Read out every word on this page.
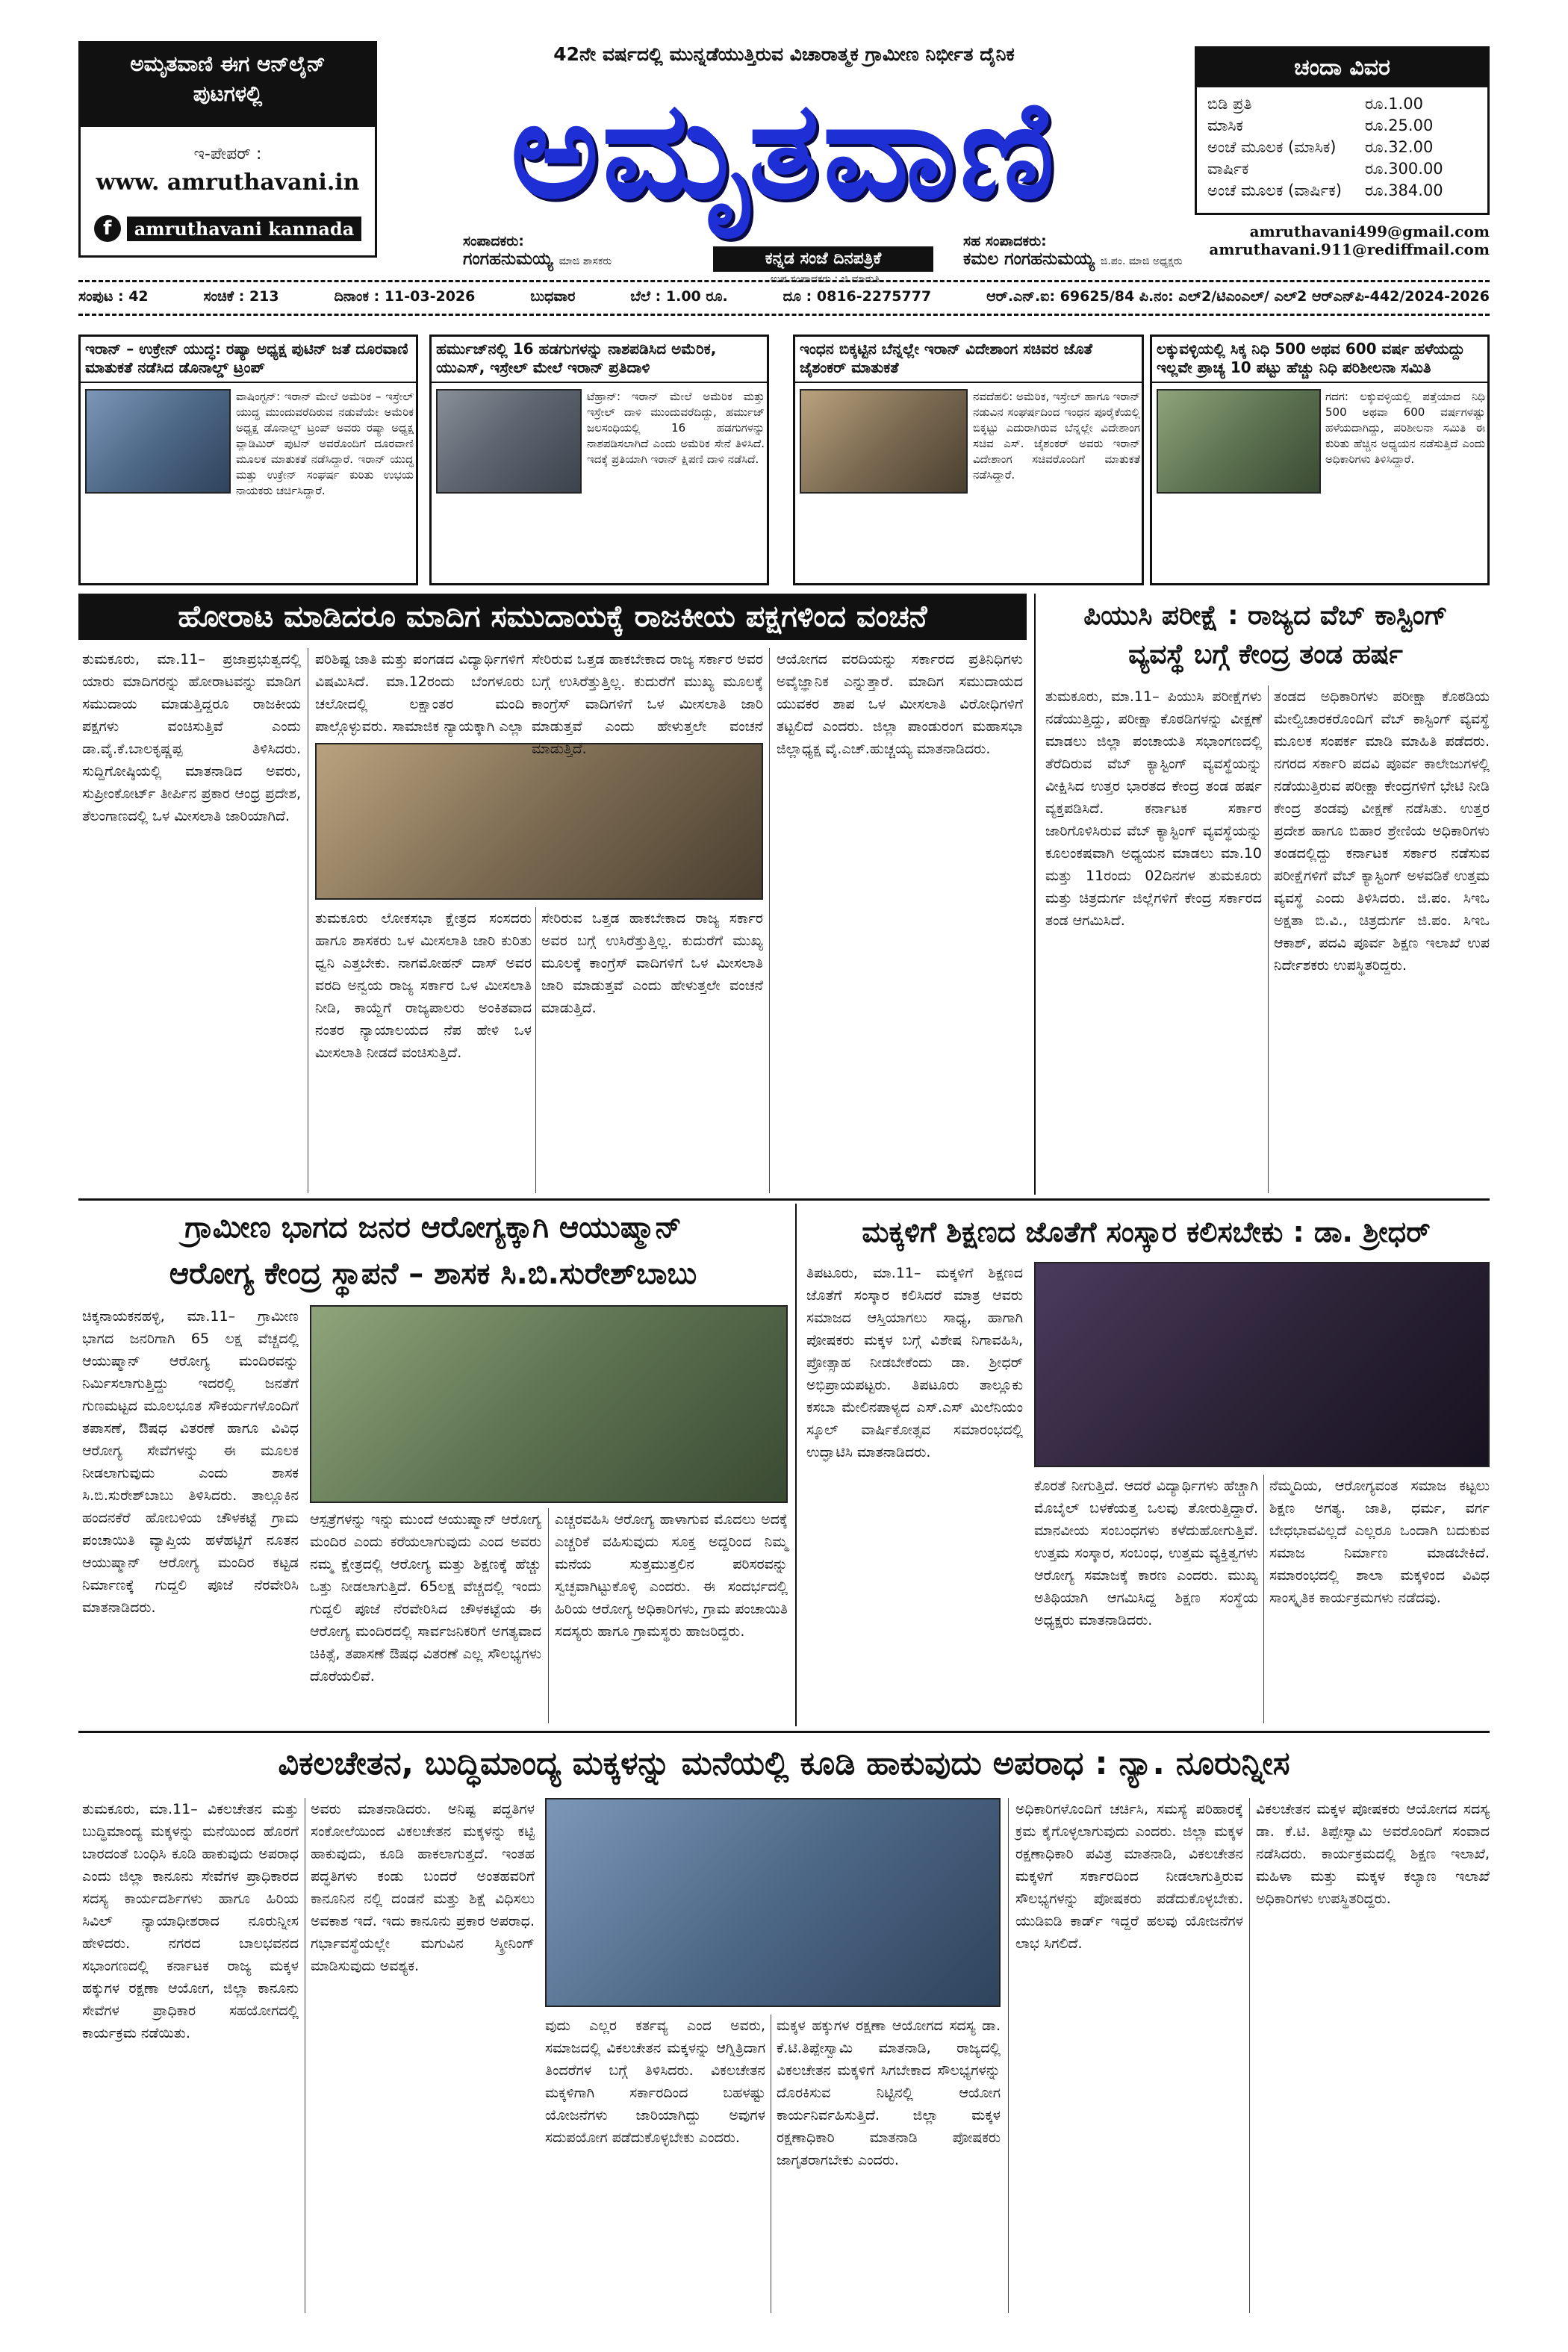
ಅಮೃತವಾಣಿ ಈಗ ಆನ್‌ಲೈನ್ ಪುಟಗಳಲ್ಲಿ
ಇ-ಪೇಪರ್ :
www. amruthavani.in
f	amruthavani kannada
42ನೇ ವರ್ಷದಲ್ಲಿ ಮುನ್ನಡೆಯುತ್ತಿರುವ ವಿಚಾರಾತ್ಮಕ ಗ್ರಾಮೀಣ ನಿರ್ಭೀತ ದೈನಿಕ
ಅಮೃತವಾಣಿ
ಸಂಪಾದಕರು:
ಗಂಗಹನುಮಯ್ಯ ಮಾಜಿ ಶಾಸಕರು	ಕನ್ನಡ ಸಂಜೆ ದಿನಪತ್ರಿಕೆ
ಉಪ ಸಂಪಾದಕರು : ಜಿ.ಮಾರುತಿ
ಸಹ ಸಂಪಾದಕರು:
ಕಮಲ ಗಂಗಹನುಮಯ್ಯ ಜಿ.ಪಂ. ಮಾಜಿ ಅಧ್ಯಕ್ಷರು
ಚಂದಾ ವಿವರ
ಬಿಡಿ ಪ್ರತಿ	ರೂ. 1.00
ಮಾಸಿಕ	ರೂ. 25.00
ಅಂಚೆ ಮೂಲಕ (ಮಾಸಿಕ) ರೂ. 32.00
ವಾರ್ಷಿಕ	ರೂ. 300.00
ಅಂಚೆ ಮೂಲಕ (ವಾರ್ಷಿಕ) ರೂ. 384.00
amruthavani499@gmail.com
amruthavani.911@rediffmail.com
ಸಂಪುಟ : 42	ಸಂಚಿಕೆ : 213	ದಿನಾಂಕ : 11-03-2026	ಬುಧವಾರ	ಬೆಲೆ : 1.00 ರೂ.	ದೂ : 0816-2275777	ಆರ್.ಎನ್.ಐ: 69625/84 ಪಿ.ನಂ: ಎಲ್2/ಟಿಎಂಎಲ್/ ಎಲ್2 ಆರ್‌ಎನ್‌ಪಿ-442/2024-2026
ಇರಾನ್ – ಉಕ್ರೇನ್ ಯುದ್ಧ: ರಷ್ಯಾ ಅಧ್ಯಕ್ಷ ಪುಟಿನ್ ಜತೆ ದೂರವಾಣಿ ಮಾತುಕತೆ ನಡೆಸಿದ ಡೊನಾಲ್ಡ್ ಟ್ರಂಪ್
ವಾಷಿಂಗ್ಟನ್: ಇರಾನ್ ಮೇಲೆ ಅಮೆರಿಕ – ಇಸ್ರೇಲ್ ಯುದ್ಧ ಮುಂದುವರೆದಿರುವ ನಡುವೆಯೇ ಅಮೆರಿಕ ಅಧ್ಯಕ್ಷ ಡೊನಾಲ್ಡ್ ಟ್ರಂಪ್ ಅವರು ರಷ್ಯಾ ಅಧ್ಯಕ್ಷ ವ್ಲಾಡಿಮಿರ್ ಪುಟಿನ್ ಅವರೊಂದಿಗೆ ದೂರವಾಣಿ ಮೂಲಕ ಮಾತುಕತೆ ನಡೆಸಿದ್ದಾರೆ. ಇರಾನ್ ಯುದ್ಧ ಮತ್ತು ಉಕ್ರೇನ್ ಸಂಘರ್ಷ ಕುರಿತು ಉಭಯ ನಾಯಕರು ಚರ್ಚಿಸಿದ್ದಾರೆ.
ಹರ್ಮುಜ್‌ನಲ್ಲಿ 16 ಹಡಗುಗಳನ್ನು ನಾಶಪಡಿಸಿದ ಅಮೆರಿಕ, ಯುಎಸ್, ಇಸ್ರೇಲ್ ಮೇಲೆ ಇರಾನ್ ಪ್ರತಿದಾಳಿ
ಟೆಹ್ರಾನ್: ಇರಾನ್ ಮೇಲೆ ಅಮೆರಿಕ ಮತ್ತು ಇಸ್ರೇಲ್ ದಾಳಿ ಮುಂದುವರೆದಿದ್ದು, ಹರ್ಮುಜ್ ಜಲಸಂಧಿಯಲ್ಲಿ 16 ಹಡಗುಗಳನ್ನು ನಾಶಪಡಿಸಲಾಗಿದೆ ಎಂದು ಅಮೆರಿಕ ಸೇನೆ ತಿಳಿಸಿದೆ. ಇದಕ್ಕೆ ಪ್ರತಿಯಾಗಿ ಇರಾನ್ ಕ್ಷಿಪಣಿ ದಾಳಿ ನಡೆಸಿದೆ.
ಇಂಧನ ಬಿಕ್ಕಟ್ಟಿನ ಬೆನ್ನಲ್ಲೇ ಇರಾನ್ ವಿದೇಶಾಂಗ ಸಚಿವರ ಜೊತೆ ಜೈಶಂಕರ್ ಮಾತುಕತೆ
ನವದೆಹಲಿ: ಅಮೆರಿಕ, ಇಸ್ರೇಲ್ ಹಾಗೂ ಇರಾನ್ ನಡುವಿನ ಸಂಘರ್ಷದಿಂದ ಇಂಧನ ಪೂರೈಕೆಯಲ್ಲಿ ಬಿಕ್ಕಟ್ಟು ಎದುರಾಗಿರುವ ಬೆನ್ನಲ್ಲೇ ವಿದೇಶಾಂಗ ಸಚಿವ ಎಸ್. ಜೈಶಂಕರ್ ಅವರು ಇರಾನ್ ವಿದೇಶಾಂಗ ಸಚಿವರೊಂದಿಗೆ ಮಾತುಕತೆ ನಡೆಸಿದ್ದಾರೆ.
ಲಕ್ಕುವಳ್ಳಿಯಲ್ಲಿ ಸಿಕ್ಕ ನಿಧಿ 500 ಅಥವ 600 ವರ್ಷ ಹಳೆಯದ್ದು ಇಲ್ಲವೇ ಪ್ರಾಚ್ಯ 10 ಪಟ್ಟು ಹೆಚ್ಚು ನಿಧಿ ಪರಿಶೀಲನಾ ಸಮಿತಿ
ಗದಗ: ಲಕ್ಕುವಳ್ಳಿಯಲ್ಲಿ ಪತ್ತೆಯಾದ ನಿಧಿ 500 ಅಥವಾ 600 ವರ್ಷಗಳಷ್ಟು ಹಳೆಯದಾಗಿದ್ದು, ಪರಿಶೀಲನಾ ಸಮಿತಿ ಈ ಕುರಿತು ಹೆಚ್ಚಿನ ಅಧ್ಯಯನ ನಡೆಸುತ್ತಿದೆ ಎಂದು ಅಧಿಕಾರಿಗಳು ತಿಳಿಸಿದ್ದಾರೆ.
ಹೋರಾಟ ಮಾಡಿದರೂ ಮಾದಿಗ ಸಮುದಾಯಕ್ಕೆ ರಾಜಕೀಯ ಪಕ್ಷಗಳಿಂದ ವಂಚನೆ
ತುಮಕೂರು, ಮಾ.11– ಪ್ರಜಾಪ್ರಭುತ್ವದಲ್ಲಿ ಯಾರು ಮಾದಿಗರನ್ನು ಹೋರಾಟವನ್ನು ಮಾಡಿಗ ಸಮುದಾಯ ಮಾಡುತ್ತಿದ್ದರೂ ರಾಜಕೀಯ ಪಕ್ಷಗಳು ವಂಚಿಸುತ್ತಿವೆ ಎಂದು ಡಾ.ವೈ.ಕೆ.ಬಾಲಕೃಷ್ಣಪ್ಪ ತಿಳಿಸಿದರು. ಸುದ್ದಿಗೋಷ್ಠಿಯಲ್ಲಿ ಮಾತನಾಡಿದ ಅವರು, ಸುಪ್ರೀಂಕೋರ್ಟ್ ತೀರ್ಪಿನ ಪ್ರಕಾರ ಆಂಧ್ರ ಪ್ರದೇಶ, ತೆಲಂಗಾಣದಲ್ಲಿ ಒಳ ಮೀಸಲಾತಿ ಜಾರಿಯಾಗಿದೆ.
ಪರಿಶಿಷ್ಟ ಜಾತಿ ಮತ್ತು ಪಂಗಡದ ವಿದ್ಯಾರ್ಥಿಗಳಿಗೆ ವಿಷಮಿಸಿದೆ. ಮಾ.12ರಂದು ಬೆಂಗಳೂರು ಚಲೋದಲ್ಲಿ ಲಕ್ಷಾಂತರ ಮಂದಿ ಪಾಲ್ಗೊಳ್ಳುವರು. ಸಾಮಾಜಿಕ ನ್ಯಾಯಕ್ಕಾಗಿ ಎಲ್ಲಾ
ಸೇರಿರುವ ಒತ್ತಡ ಹಾಕಬೇಕಾದ ರಾಜ್ಯ ಸರ್ಕಾರ ಅವರ ಬಗ್ಗೆ ಉಸಿರೆತ್ತುತ್ತಿಲ್ಲ. ಕುದುರೆಗೆ ಮುಖ್ಯ ಮೂಲಕ್ಕೆ ಕಾಂಗ್ರೆಸ್ ವಾದಿಗಳಿಗೆ ಒಳ ಮೀಸಲಾತಿ ಜಾರಿ ಮಾಡುತ್ತವೆ ಎಂದು ಹೇಳುತ್ತಲೇ ವಂಚನೆ ಮಾಡುತ್ತಿದೆ.
ತುಮಕೂರು ಲೋಕಸಭಾ ಕ್ಷೇತ್ರದ ಸಂಸದರು ಹಾಗೂ ಶಾಸಕರು ಒಳ ಮೀಸಲಾತಿ ಜಾರಿ ಕುರಿತು ಧ್ವನಿ ಎತ್ತಬೇಕು. ನಾಗಮೋಹನ್ ದಾಸ್ ಅವರ ವರದಿ ಅನ್ವಯ ರಾಜ್ಯ ಸರ್ಕಾರ ಒಳ ಮೀಸಲಾತಿ ನೀಡಿ, ಕಾಯ್ದೆಗೆ ರಾಜ್ಯಪಾಲರು ಅಂಕಿತವಾದ ನಂತರ ನ್ಯಾಯಾಲಯದ ನೆಪ ಹೇಳಿ ಒಳ ಮೀಸಲಾತಿ ನೀಡದೆ ವಂಚಿಸುತ್ತಿದೆ.
ಸೇರಿರುವ ಒತ್ತಡ ಹಾಕಬೇಕಾದ ರಾಜ್ಯ ಸರ್ಕಾರ ಅವರ ಬಗ್ಗೆ ಉಸಿರೆತ್ತುತ್ತಿಲ್ಲ. ಕುದುರೆಗೆ ಮುಖ್ಯ ಮೂಲಕ್ಕೆ ಕಾಂಗ್ರೆಸ್ ವಾದಿಗಳಿಗೆ ಒಳ ಮೀಸಲಾತಿ ಜಾರಿ ಮಾಡುತ್ತವೆ ಎಂದು ಹೇಳುತ್ತಲೇ ವಂಚನೆ ಮಾಡುತ್ತಿದೆ.
ಆಯೋಗದ ವರದಿಯನ್ನು ಸರ್ಕಾರದ ಪ್ರತಿನಿಧಿಗಳು ಅವೈಜ್ಞಾನಿಕ ಎನ್ನುತ್ತಾರೆ. ಮಾದಿಗ ಸಮುದಾಯದ ಯುವಕರ ಶಾಪ ಒಳ ಮೀಸಲಾತಿ ವಿರೋಧಿಗಳಿಗೆ ತಟ್ಟಲಿದೆ ಎಂದರು. ಜಿಲ್ಲಾ ಪಾಂಡುರಂಗ ಮಹಾಸಭಾ ಜಿಲ್ಲಾಧ್ಯಕ್ಷ ವೈ.ಎಚ್.ಹುಚ್ಚಯ್ಯ ಮಾತನಾಡಿದರು.
ಪಿಯುಸಿ ಪರೀಕ್ಷೆ : ರಾಜ್ಯದ ವೆಬ್ ಕಾಸ್ಟಿಂಗ್
ವ್ಯವಸ್ಥೆ ಬಗ್ಗೆ ಕೇಂದ್ರ ತಂಡ ಹರ್ಷ
ತುಮಕೂರು, ಮಾ.11– ಪಿಯುಸಿ ಪರೀಕ್ಷೆಗಳು ನಡೆಯುತ್ತಿದ್ದು, ಪರೀಕ್ಷಾ ಕೊಠಡಿಗಳನ್ನು ವೀಕ್ಷಣೆ ಮಾಡಲು ಜಿಲ್ಲಾ ಪಂಚಾಯತಿ ಸಭಾಂಗಣದಲ್ಲಿ ತೆರೆದಿರುವ ವೆಬ್ ಕ್ಯಾಸ್ಟಿಂಗ್ ವ್ಯವಸ್ಥೆಯನ್ನು ವೀಕ್ಷಿಸಿದ ಉತ್ತರ ಭಾರತದ ಕೇಂದ್ರ ತಂಡ ಹರ್ಷ ವ್ಯಕ್ತಪಡಿಸಿದೆ. ಕರ್ನಾಟಕ ಸರ್ಕಾರ ಜಾರಿಗೊಳಿಸಿರುವ ವೆಬ್ ಕ್ಯಾಸ್ಟಿಂಗ್ ವ್ಯವಸ್ಥೆಯನ್ನು ಕೂಲಂಕಷವಾಗಿ ಅಧ್ಯಯನ ಮಾಡಲು ಮಾ.10 ಮತ್ತು 11ರಂದು 02ದಿನಗಳ ತುಮಕೂರು ಮತ್ತು ಚಿತ್ರದುರ್ಗ ಜಿಲ್ಲೆಗಳಿಗೆ ಕೇಂದ್ರ ಸರ್ಕಾರದ ತಂಡ ಆಗಮಿಸಿದೆ.
ತಂಡದ ಅಧಿಕಾರಿಗಳು ಪರೀಕ್ಷಾ ಕೊಠಡಿಯ ಮೇಲ್ವಿಚಾರಕರೊಂದಿಗೆ ವೆಬ್ ಕಾಸ್ಟಿಂಗ್ ವ್ಯವಸ್ಥೆ ಮೂಲಕ ಸಂಪರ್ಕ ಮಾಡಿ ಮಾಹಿತಿ ಪಡೆದರು. ನಗರದ ಸರ್ಕಾರಿ ಪದವಿ ಪೂರ್ವ ಕಾಲೇಜುಗಳಲ್ಲಿ ನಡೆಯುತ್ತಿರುವ ಪರೀಕ್ಷಾ ಕೇಂದ್ರಗಳಿಗೆ ಭೇಟಿ ನೀಡಿ ಕೇಂದ್ರ ತಂಡವು ವೀಕ್ಷಣೆ ನಡೆಸಿತು. ಉತ್ತರ ಪ್ರದೇಶ ಹಾಗೂ ಬಿಹಾರ ಶ್ರೇಣಿಯ ಅಧಿಕಾರಿಗಳು ತಂಡದಲ್ಲಿದ್ದು ಕರ್ನಾಟಕ ಸರ್ಕಾರ ನಡೆಸುವ ಪರೀಕ್ಷೆಗಳಿಗೆ ವೆಬ್ ಕ್ಯಾಸ್ಟಿಂಗ್ ಅಳವಡಿಕೆ ಉತ್ತಮ ವ್ಯವಸ್ಥೆ ಎಂದು ತಿಳಿಸಿದರು. ಜಿ.ಪಂ. ಸಿಇಒ ಅಕ್ಷತಾ ಬಿ.ವಿ., ಚಿತ್ರದುರ್ಗ ಜಿ.ಪಂ. ಸಿಇಒ ಆಕಾಶ್, ಪದವಿ ಪೂರ್ವ ಶಿಕ್ಷಣ ಇಲಾಖೆ ಉಪ ನಿರ್ದೇಶಕರು ಉಪಸ್ಥಿತರಿದ್ದರು.
ಗ್ರಾಮೀಣ ಭಾಗದ ಜನರ ಆರೋಗ್ಯಕ್ಕಾಗಿ ಆಯುಷ್ಮಾನ್
ಆರೋಗ್ಯ ಕೇಂದ್ರ ಸ್ಥಾಪನೆ – ಶಾಸಕ ಸಿ.ಬಿ.ಸುರೇಶ್‌ಬಾಬು
ಚಿಕ್ಕನಾಯಕನಹಳ್ಳಿ, ಮಾ.11– ಗ್ರಾಮೀಣ ಭಾಗದ ಜನರಿಗಾಗಿ 65 ಲಕ್ಷ ವೆಚ್ಚದಲ್ಲಿ ಆಯುಷ್ಮಾನ್ ಆರೋಗ್ಯ ಮಂದಿರವನ್ನು ನಿರ್ಮಿಸಲಾಗುತ್ತಿದ್ದು ಇದರಲ್ಲಿ ಜನತೆಗೆ ಗುಣಮಟ್ಟದ ಮೂಲಭೂತ ಸೌಕರ್ಯಗಳೊಂದಿಗೆ ತಪಾಸಣೆ, ಔಷಧ ವಿತರಣೆ ಹಾಗೂ ವಿವಿಧ ಆರೋಗ್ಯ ಸೇವೆಗಳನ್ನು ಈ ಮೂಲಕ ನೀಡಲಾಗುವುದು ಎಂದು ಶಾಸಕ ಸಿ.ಬಿ.ಸುರೇಶ್‌ಬಾಬು ತಿಳಿಸಿದರು. ತಾಲ್ಲೂಕಿನ ಹಂದನಕೆರೆ ಹೋಬಳಿಯ ಚೌಳಕಟ್ಟೆ ಗ್ರಾಮ ಪಂಚಾಯಿತಿ ವ್ಯಾಪ್ತಿಯ ಹಳೆಹಟ್ಟಿಗೆ ನೂತನ ಆಯುಷ್ಮಾನ್ ಆರೋಗ್ಯ ಮಂದಿರ ಕಟ್ಟಡ ನಿರ್ಮಾಣಕ್ಕೆ ಗುದ್ದಲಿ ಪೂಜೆ ನೆರವೇರಿಸಿ ಮಾತನಾಡಿದರು.
ಆಸ್ಪತ್ರೆಗಳನ್ನು ಇನ್ನು ಮುಂದೆ ಆಯುಷ್ಮಾನ್ ಆರೋಗ್ಯ ಮಂದಿರ ಎಂದು ಕರೆಯಲಾಗುವುದು ಎಂದ ಅವರು ನಮ್ಮ ಕ್ಷೇತ್ರದಲ್ಲಿ ಆರೋಗ್ಯ ಮತ್ತು ಶಿಕ್ಷಣಕ್ಕೆ ಹೆಚ್ಚು ಒತ್ತು ನೀಡಲಾಗುತ್ತಿದೆ. 65ಲಕ್ಷ ವೆಚ್ಚದಲ್ಲಿ ಇಂದು ಗುದ್ದಲಿ ಪೂಜೆ ನೆರವೇರಿಸಿದ ಚೌಳಕಟ್ಟೆಯ ಈ ಆರೋಗ್ಯ ಮಂದಿರದಲ್ಲಿ ಸಾರ್ವಜನಿಕರಿಗೆ ಅಗತ್ಯವಾದ ಚಿಕಿತ್ಸೆ, ತಪಾಸಣೆ ಔಷಧ ವಿತರಣೆ ಎಲ್ಲ ಸೌಲಭ್ಯಗಳು ದೊರೆಯಲಿವೆ.
ಎಚ್ಚರವಹಿಸಿ ಆರೋಗ್ಯ ಹಾಳಾಗುವ ಮೊದಲು ಅದಕ್ಕೆ ಎಚ್ಚರಿಕೆ ವಹಿಸುವುದು ಸೂಕ್ತ ಅದ್ದರಿಂದ ನಿಮ್ಮ ಮನೆಯ ಸುತ್ತಮುತ್ತಲಿನ ಪರಿಸರವನ್ನು ಸ್ವಚ್ಛವಾಗಿಟ್ಟುಕೊಳ್ಳಿ ಎಂದರು. ಈ ಸಂದರ್ಭದಲ್ಲಿ ಹಿರಿಯ ಆರೋಗ್ಯ ಅಧಿಕಾರಿಗಳು, ಗ್ರಾಮ ಪಂಚಾಯಿತಿ ಸದಸ್ಯರು ಹಾಗೂ ಗ್ರಾಮಸ್ಥರು ಹಾಜರಿದ್ದರು.
ಮಕ್ಕಳಿಗೆ ಶಿಕ್ಷಣದ ಜೊತೆಗೆ ಸಂಸ್ಕಾರ ಕಲಿಸಬೇಕು : ಡಾ. ಶ್ರೀಧರ್
ತಿಪಟೂರು, ಮಾ.11– ಮಕ್ಕಳಿಗೆ ಶಿಕ್ಷಣದ ಜೊತೆಗೆ ಸಂಸ್ಕಾರ ಕಲಿಸಿದರೆ ಮಾತ್ರ ಆವರು ಸಮಾಜದ ಆಸ್ತಿಯಾಗಲು ಸಾಧ್ಯ, ಹಾಗಾಗಿ ಪೋಷಕರು ಮಕ್ಕಳ ಬಗ್ಗೆ ವಿಶೇಷ ನಿಗಾವಹಿಸಿ, ಪ್ರೋತ್ಸಾಹ ನೀಡಬೇಕೆಂದು ಡಾ. ಶ್ರೀಧರ್ ಅಭಿಪ್ರಾಯಪಟ್ಟರು. ತಿಪಟೂರು ತಾಲ್ಲೂಕು ಕಸಬಾ ಮೇಲಿನಪಾಳ್ಯದ ಎಸ್.ಎಸ್ ಮಿಲೆನಿಯಂ ಸ್ಕೂಲ್ ವಾರ್ಷಿಕೋತ್ಸವ ಸಮಾರಂಭದಲ್ಲಿ ಉದ್ಘಾಟಿಸಿ ಮಾತನಾಡಿದರು.
ಕೊರತೆ ನೀಗುತ್ತಿದೆ. ಆದರೆ ವಿದ್ಯಾರ್ಥಿಗಳು ಹೆಚ್ಚಾಗಿ ಮೊಬೈಲ್ ಬಳಕೆಯತ್ತ ಒಲವು ತೋರುತ್ತಿದ್ದಾರೆ. ಮಾನವೀಯ ಸಂಬಂಧಗಳು ಕಳೆದುಹೋಗುತ್ತಿವೆ. ಉತ್ತಮ ಸಂಸ್ಕಾರ, ಸಂಬಂಧ, ಉತ್ತಮ ವ್ಯಕ್ತಿತ್ವಗಳು ಆರೋಗ್ಯ ಸಮಾಜಕ್ಕೆ ಕಾರಣ ಎಂದರು. ಮುಖ್ಯ ಅತಿಥಿಯಾಗಿ ಆಗಮಿಸಿದ್ದ ಶಿಕ್ಷಣ ಸಂಸ್ಥೆಯ ಅಧ್ಯಕ್ಷರು ಮಾತನಾಡಿದರು.
ನೆಮ್ಮದಿಯ, ಆರೋಗ್ಯವಂತ ಸಮಾಜ ಕಟ್ಟಲು ಶಿಕ್ಷಣ ಅಗತ್ಯ. ಜಾತಿ, ಧರ್ಮ, ವರ್ಗ ಬೇಧಭಾವವಿಲ್ಲದೆ ಎಲ್ಲರೂ ಒಂದಾಗಿ ಬದುಕುವ ಸಮಾಜ ನಿರ್ಮಾಣ ಮಾಡಬೇಕಿದೆ. ಸಮಾರಂಭದಲ್ಲಿ ಶಾಲಾ ಮಕ್ಕಳಿಂದ ವಿವಿಧ ಸಾಂಸ್ಕೃತಿಕ ಕಾರ್ಯಕ್ರಮಗಳು ನಡೆದವು.
ವಿಕಲಚೇತನ, ಬುದ್ಧಿಮಾಂದ್ಯ ಮಕ್ಕಳನ್ನು ಮನೆಯಲ್ಲಿ ಕೂಡಿ ಹಾಕುವುದು ಅಪರಾಧ : ನ್ಯಾ. ನೂರುನ್ನೀಸ
ತುಮಕೂರು, ಮಾ.11– ವಿಕಲಚೇತನ ಮತ್ತು ಬುದ್ಧಿಮಾಂದ್ಯ ಮಕ್ಕಳನ್ನು ಮನೆಯಿಂದ ಹೊರಗೆ ಬಾರದಂತೆ ಬಂಧಿಸಿ ಕೂಡಿ ಹಾಕುವುದು ಅಪರಾಧ ಎಂದು ಜಿಲ್ಲಾ ಕಾನೂನು ಸೇವೆಗಳ ಪ್ರಾಧಿಕಾರದ ಸದಸ್ಯ ಕಾರ್ಯದರ್ಶಿಗಳು ಹಾಗೂ ಹಿರಿಯ ಸಿವಿಲ್ ನ್ಯಾಯಾಧೀಶರಾದ ನೂರುನ್ನೀಸ ಹೇಳಿದರು. ನಗರದ ಬಾಲಭವನದ ಸಭಾಂಗಣದಲ್ಲಿ ಕರ್ನಾಟಕ ರಾಜ್ಯ ಮಕ್ಕಳ ಹಕ್ಕುಗಳ ರಕ್ಷಣಾ ಆಯೋಗ, ಜಿಲ್ಲಾ ಕಾನೂನು ಸೇವೆಗಳ ಪ್ರಾಧಿಕಾರ ಸಹಯೋಗದಲ್ಲಿ ಕಾರ್ಯಕ್ರಮ ನಡೆಯಿತು.
ಅವರು ಮಾತನಾಡಿದರು. ಅನಿಷ್ಟ ಪದ್ಧತಿಗಳ ಸಂಕೋಲೆಯಿಂದ ವಿಕಲಚೇತನ ಮಕ್ಕಳನ್ನು ಕಟ್ಟಿ ಹಾಕುವುದು, ಕೂಡಿ ಹಾಕಲಾಗುತ್ತದೆ. ಇಂತಹ ಪದ್ಧತಿಗಳು ಕಂಡು ಬಂದರೆ ಅಂತಹವರಿಗೆ ಕಾನೂನಿನ ನಲ್ಲಿ ದಂಡನೆ ಮತ್ತು ಶಿಕ್ಷೆ ವಿಧಿಸಲು ಅವಕಾಶ ಇದೆ. ಇದು ಕಾನೂನು ಪ್ರಕಾರ ಅಪರಾಧ. ಗರ್ಭಾವಸ್ಥೆಯಲ್ಲೇ ಮಗುವಿನ ಸ್ಕ್ರೀನಿಂಗ್ ಮಾಡಿಸುವುದು ಅವಶ್ಯಕ.
ವುದು ಎಲ್ಲರ ಕರ್ತವ್ಯ ಎಂದ ಅವರು, ಸಮಾಜದಲ್ಲಿ ವಿಕಲಚೇತನ ಮಕ್ಕಳನ್ನು ಆಗ್ನಿತ್ರಿದಾಗ ತಿಂದರೆಗಳ ಬಗ್ಗೆ ತಿಳಿಸಿದರು. ವಿಕಲಚೇತನ ಮಕ್ಕಳಿಗಾಗಿ ಸರ್ಕಾರದಿಂದ ಬಹಳಷ್ಟು ಯೋಜನೆಗಳು ಜಾರಿಯಾಗಿದ್ದು ಅವುಗಳ ಸದುಪಯೋಗ ಪಡೆದುಕೊಳ್ಳಬೇಕು ಎಂದರು.
ಮಕ್ಕಳ ಹಕ್ಕುಗಳ ರಕ್ಷಣಾ ಆಯೋಗದ ಸದಸ್ಯ ಡಾ. ಕೆ.ಟಿ.ತಿಪ್ಪೇಸ್ವಾಮಿ ಮಾತನಾಡಿ, ರಾಜ್ಯದಲ್ಲಿ ವಿಕಲಚೇತನ ಮಕ್ಕಳಿಗೆ ಸಿಗಬೇಕಾದ ಸೌಲಭ್ಯಗಳನ್ನು ದೊರಕಿಸುವ ನಿಟ್ಟಿನಲ್ಲಿ ಆಯೋಗ ಕಾರ್ಯನಿರ್ವಹಿಸುತ್ತಿದೆ. ಜಿಲ್ಲಾ ಮಕ್ಕಳ ರಕ್ಷಣಾಧಿಕಾರಿ ಮಾತನಾಡಿ ಪೋಷಕರು ಜಾಗೃತರಾಗಬೇಕು ಎಂದರು.
ಅಧಿಕಾರಿಗಳೊಂದಿಗೆ ಚರ್ಚಿಸಿ, ಸಮಸ್ಯೆ ಪರಿಹಾರಕ್ಕೆ ಕ್ರಮ ಕೈಗೊಳ್ಳಲಾಗುವುದು ಎಂದರು. ಜಿಲ್ಲಾ ಮಕ್ಕಳ ರಕ್ಷಣಾಧಿಕಾರಿ ಪವಿತ್ರ ಮಾತನಾಡಿ, ವಿಕಲಚೇತನ ಮಕ್ಕಳಿಗೆ ಸರ್ಕಾರದಿಂದ ನೀಡಲಾಗುತ್ತಿರುವ ಸೌಲಭ್ಯಗಳನ್ನು ಪೋಷಕರು ಪಡೆದುಕೊಳ್ಳಬೇಕು. ಯುಡಿಐಡಿ ಕಾರ್ಡ್ ಇದ್ದರೆ ಹಲವು ಯೋಜನೆಗಳ ಲಾಭ ಸಿಗಲಿದೆ.
ವಿಕಲಚೇತನ ಮಕ್ಕಳ ಪೋಷಕರು ಆಯೋಗದ ಸದಸ್ಯ ಡಾ. ಕೆ.ಟಿ. ತಿಪ್ಪೇಸ್ವಾಮಿ ಅವರೊಂದಿಗೆ ಸಂವಾದ ನಡೆಸಿದರು. ಕಾರ್ಯಕ್ರಮದಲ್ಲಿ ಶಿಕ್ಷಣ ಇಲಾಖೆ, ಮಹಿಳಾ ಮತ್ತು ಮಕ್ಕಳ ಕಲ್ಯಾಣ ಇಲಾಖೆ ಅಧಿಕಾರಿಗಳು ಉಪಸ್ಥಿತರಿದ್ದರು.
